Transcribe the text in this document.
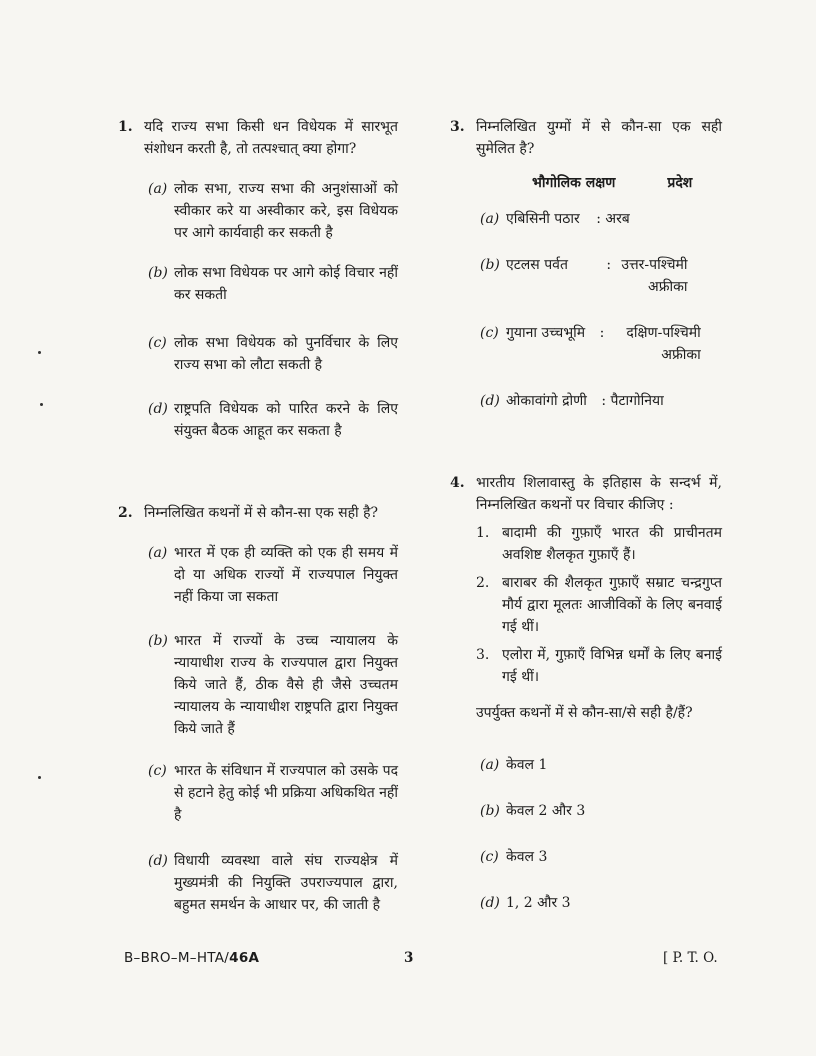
1. यदि राज्य सभा किसी धन विधेयक में सारभूत संशोधन करती है, तो तत्पश्चात् क्या होगा?
(a) लोक सभा, राज्य सभा की अनुशंसाओं को स्वीकार करे या अस्वीकार करे, इस विधेयक पर आगे कार्यवाही कर सकती है
(b) लोक सभा विधेयक पर आगे कोई विचार नहीं कर सकती
(c) लोक सभा विधेयक को पुनर्विचार के लिए राज्य सभा को लौटा सकती है
(d) राष्ट्रपति विधेयक को पारित करने के लिए संयुक्त बैठक आहूत कर सकता है
2. निम्नलिखित कथनों में से कौन-सा एक सही है?
(a) भारत में एक ही व्यक्ति को एक ही समय में दो या अधिक राज्यों में राज्यपाल नियुक्त नहीं किया जा सकता
(b) भारत में राज्यों के उच्च न्यायालय के न्यायाधीश राज्य के राज्यपाल द्वारा नियुक्त किये जाते हैं, ठीक वैसे ही जैसे उच्चतम न्यायालय के न्यायाधीश राष्ट्रपति द्वारा नियुक्त किये जाते हैं
(c) भारत के संविधान में राज्यपाल को उसके पद से हटाने हेतु कोई भी प्रक्रिया अधिकथित नहीं है
(d) विधायी व्यवस्था वाले संघ राज्यक्षेत्र में मुख्यमंत्री की नियुक्ति उपराज्यपाल द्वारा, बहुमत समर्थन के आधार पर, की जाती है
3. निम्नलिखित युग्मों में से कौन-सा एक सही सुमेलित है?
भौगोलिक लक्षण	प्रदेश
(a) एबिसिनी पठार : अरब
(b) एटलस पर्वत	: उत्तर-पश्चिमी अफ्रीका
(c) गुयाना उच्चभूमि : दक्षिण-पश्चिमी अफ्रीका
(d) ओकावांगो द्रोणी : पैटागोनिया
4. भारतीय शिलावास्तु के इतिहास के सन्दर्भ में, निम्नलिखित कथनों पर विचार कीजिए :
1. बादामी की गुफ़ाएँ भारत की प्राचीनतम अवशिष्ट शैलकृत गुफ़ाएँ हैं।
2. बाराबर की शैलकृत गुफ़ाएँ सम्राट चन्द्रगुप्त मौर्य द्वारा मूलतः आजीविकों के लिए बनवाई गई थीं।
3. एलोरा में, गुफ़ाएँ विभिन्न धर्मों के लिए बनाई गई थीं।
उपर्युक्त कथनों में से कौन-सा/से सही है/हैं?
(a) केवल 1
(b) केवल 2 और 3
(c) केवल 3
(d) 1, 2 और 3
B–BRO–M–HTA/46A	3	[ P. T. O.
